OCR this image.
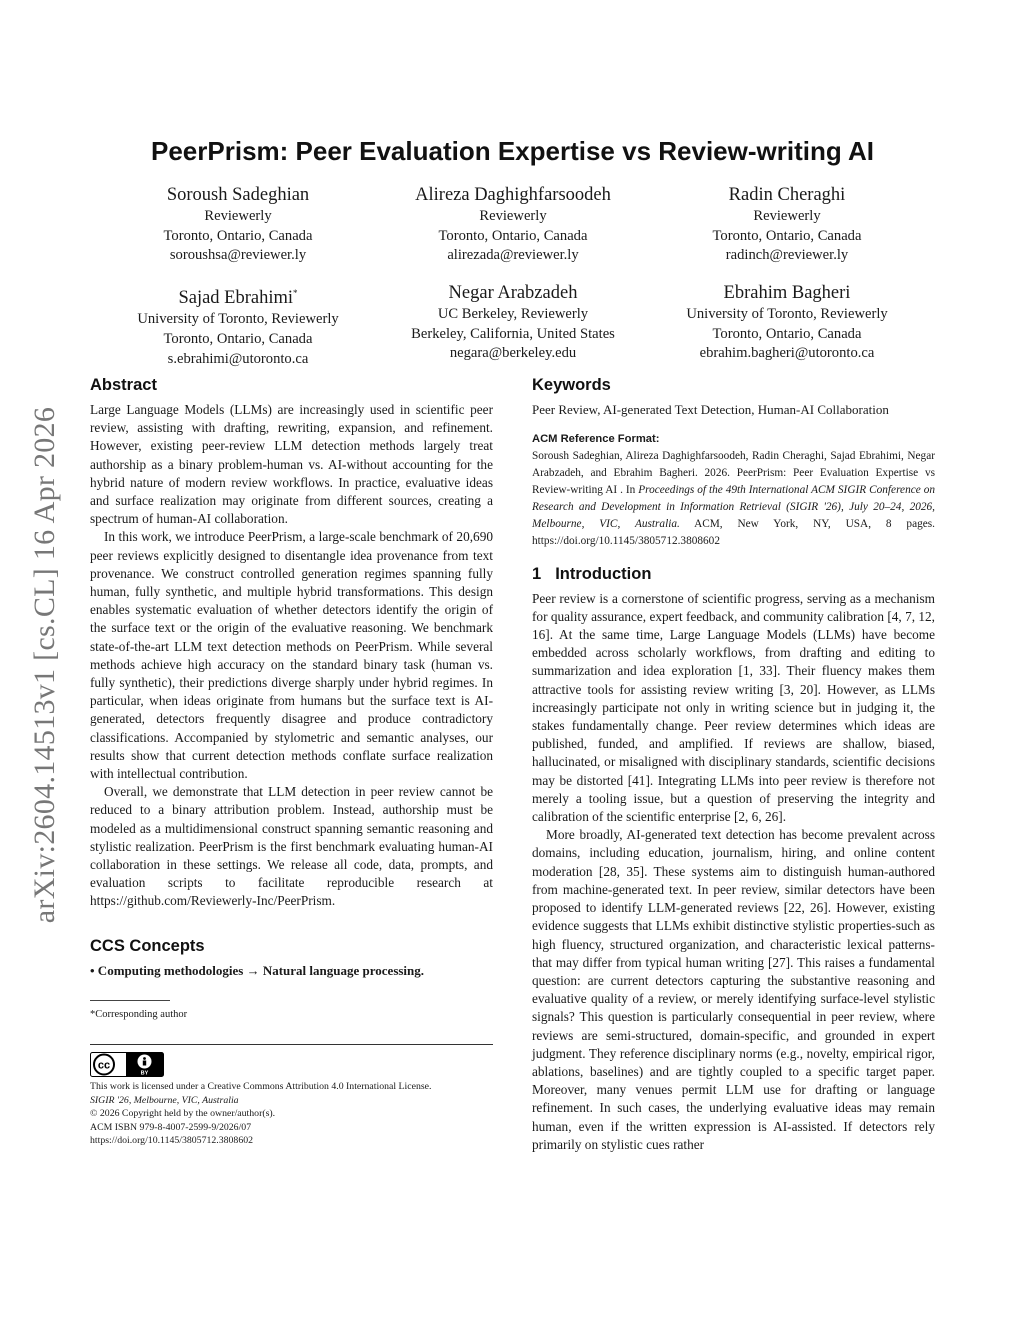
arXiv:2604.14513v1 [cs.CL] 16 Apr 2026
PeerPrism: Peer Evaluation Expertise vs Review-writing AI
Soroush Sadeghian
Reviewerly
Toronto, Ontario, Canada
soroushsa@reviewer.ly
Alireza Daghighfarsoodeh
Reviewerly
Toronto, Ontario, Canada
alirezada@reviewer.ly
Radin Cheraghi
Reviewerly
Toronto, Ontario, Canada
radinch@reviewer.ly
Sajad Ebrahimi*
University of Toronto, Reviewerly
Toronto, Ontario, Canada
s.ebrahimi@utoronto.ca
Negar Arabzadeh
UC Berkeley, Reviewerly
Berkeley, California, United States
negara@berkeley.edu
Ebrahim Bagheri
University of Toronto, Reviewerly
Toronto, Ontario, Canada
ebrahim.bagheri@utoronto.ca
Abstract

Large Language Models (LLMs) are increasingly used in scientific peer review, assisting with drafting, rewriting, expansion, and refinement. However, existing peer-review LLM detection methods largely treat authorship as a binary problem-human vs. AI-without accounting for the hybrid nature of modern review workflows. In practice, evaluative ideas and surface realization may originate from different sources, creating a spectrum of human-AI collaboration.

In this work, we introduce PeerPrism, a large-scale benchmark of 20,690 peer reviews explicitly designed to disentangle idea provenance from text provenance. We construct controlled generation regimes spanning fully human, fully synthetic, and multiple hybrid transformations. This design enables systematic evaluation of whether detectors identify the origin of the surface text or the origin of the evaluative reasoning. We benchmark state-of-the-art LLM text detection methods on PeerPrism. While several methods achieve high accuracy on the standard binary task (human vs. fully synthetic), their predictions diverge sharply under hybrid regimes. In particular, when ideas originate from humans but the surface text is AI-generated, detectors frequently disagree and produce contradictory classifications. Accompanied by stylometric and semantic analyses, our results show that current detection methods conflate surface realization with intellectual contribution.

Overall, we demonstrate that LLM detection in peer review cannot be reduced to a binary attribution problem. Instead, authorship must be modeled as a multidimensional construct spanning semantic reasoning and stylistic realization. PeerPrism is the first benchmark evaluating human-AI collaboration in these settings. We release all code, data, prompts, and evaluation scripts to facilitate reproducible research at https://github.com/Reviewerly-Inc/PeerPrism.

CCS Concepts
• Computing methodologies → Natural language processing.
*Corresponding author
cc
BY
This work is licensed under a Creative Commons Attribution 4.0 International License.
SIGIR '26, Melbourne, VIC, Australia
© 2026 Copyright held by the owner/author(s).
ACM ISBN 979-8-4007-2599-9/2026/07
https://doi.org/10.1145/3805712.3808602
Keywords
Peer Review, AI-generated Text Detection, Human-AI Collaboration
ACM Reference Format:
Soroush Sadeghian, Alireza Daghighfarsoodeh, Radin Cheraghi, Sajad Ebrahimi, Negar Arabzadeh, and Ebrahim Bagheri. 2026. PeerPrism: Peer Evaluation Expertise vs Review-writing AI . In Proceedings of the 49th International ACM SIGIR Conference on Research and Development in Information Retrieval (SIGIR '26), July 20–24, 2026, Melbourne, VIC, Australia. ACM, New York, NY, USA, 8 pages. https://doi.org/10.1145/3805712.3808602
1 Introduction

Peer review is a cornerstone of scientific progress, serving as a mechanism for quality assurance, expert feedback, and community calibration [4, 7, 12, 16]. At the same time, Large Language Models (LLMs) have become embedded across scholarly workflows, from drafting and editing to summarization and idea exploration [1, 33]. Their fluency makes them attractive tools for assisting review writing [3, 20]. However, as LLMs increasingly participate not only in writing science but in judging it, the stakes fundamentally change. Peer review determines which ideas are published, funded, and amplified. If reviews are shallow, biased, hallucinated, or misaligned with disciplinary standards, scientific decisions may be distorted [41]. Integrating LLMs into peer review is therefore not merely a tooling issue, but a question of preserving the integrity and calibration of the scientific enterprise [2, 6, 26].

More broadly, AI-generated text detection has become prevalent across domains, including education, journalism, hiring, and online content moderation [28, 35]. These systems aim to distinguish human-authored from machine-generated text. In peer review, similar detectors have been proposed to identify LLM-generated reviews [22, 26]. However, existing evidence suggests that LLMs exhibit distinctive stylistic properties-such as high fluency, structured organization, and characteristic lexical patterns-that may differ from typical human writing [27]. This raises a fundamental question: are current detectors capturing the substantive reasoning and evaluative quality of a review, or merely identifying surface-level stylistic signals? This question is particularly consequential in peer review, where reviews are semi-structured, domain-specific, and grounded in expert judgment. They reference disciplinary norms (e.g., novelty, empirical rigor, ablations, baselines) and are tightly coupled to a specific target paper. Moreover, many venues permit LLM use for drafting or language refinement. In such cases, the underlying evaluative ideas may remain human, even if the written expression is AI-assisted. If detectors rely primarily on stylistic cues rather
